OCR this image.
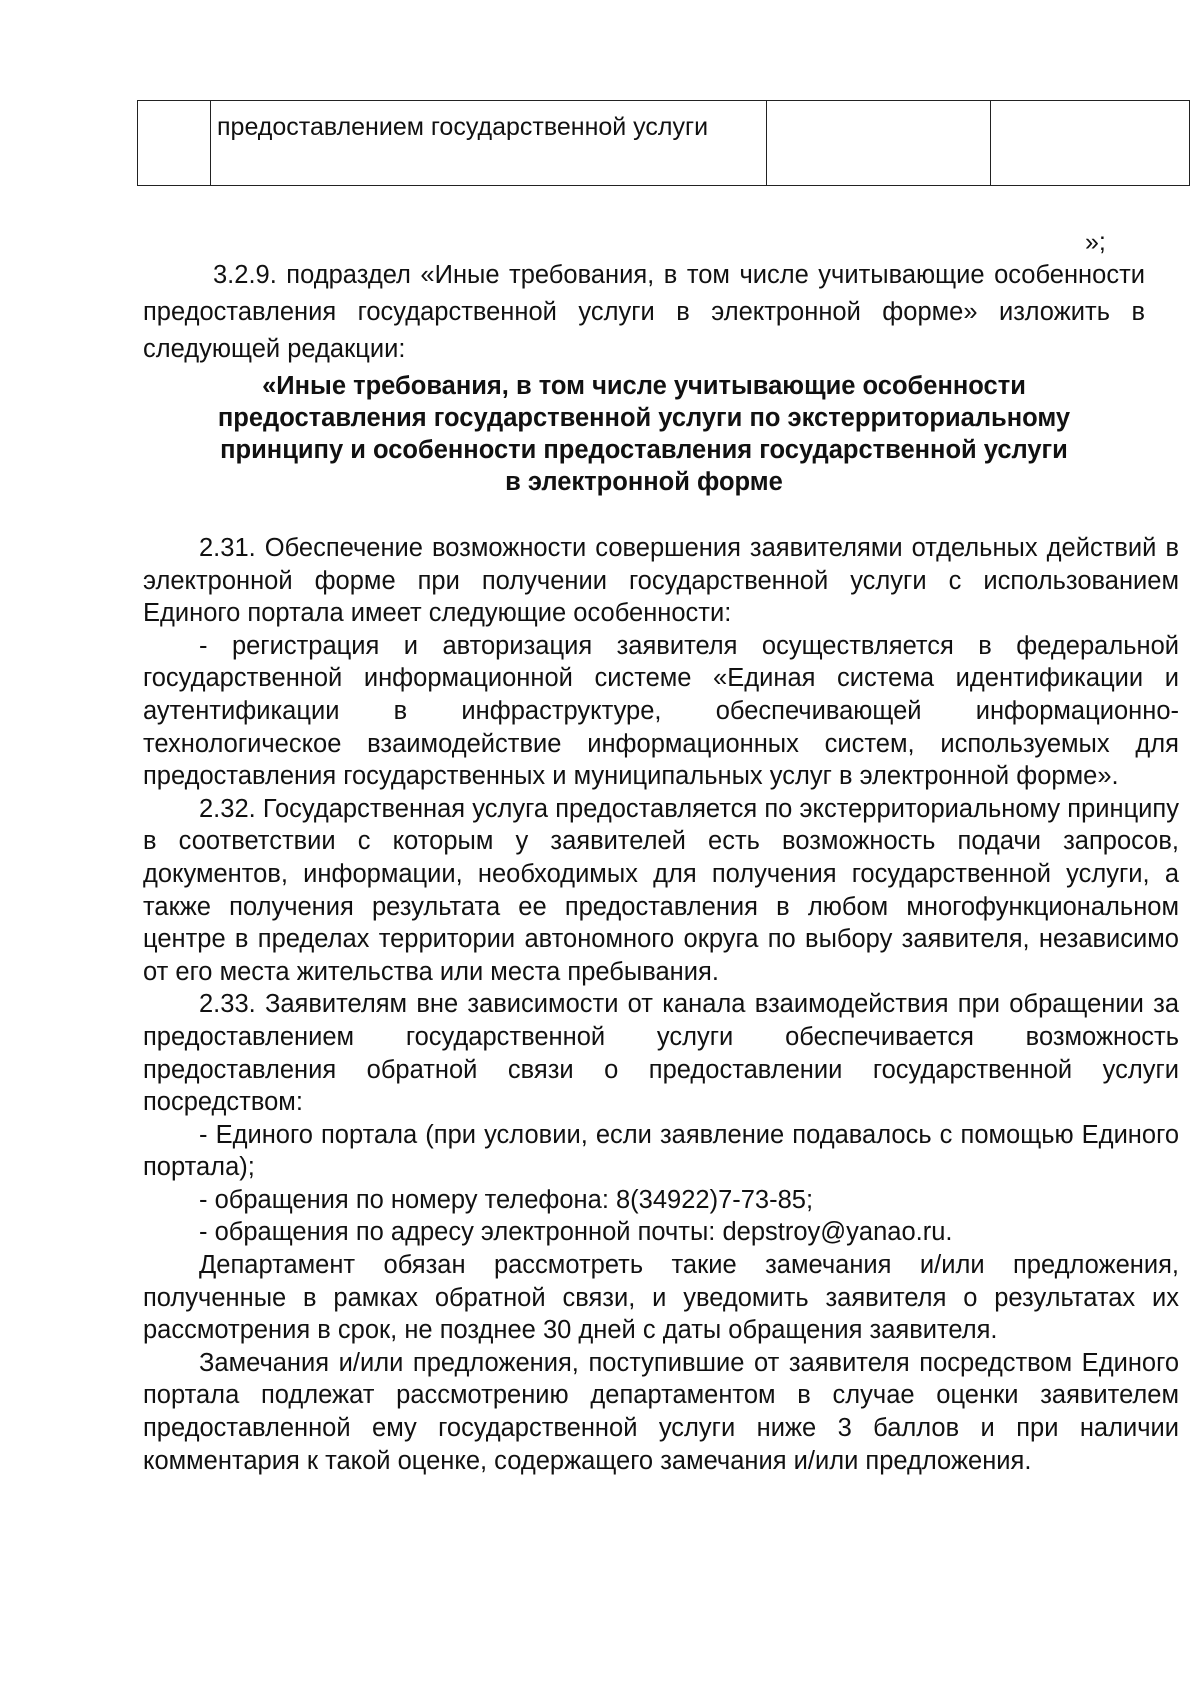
	предоставлением государственной услуги		
»;

3.2.9. подраздел «Иные требования, в том числе учитывающие особенности предоставления государственной услуги в электронной форме» изложить в следующей редакции:

«Иные требования, в том числе учитывающие особенности
предоставления государственной услуги по экстерриториальному
принципу и особенности предоставления государственной услуги
в электронной форме

2.31. Обеспечение возможности совершения заявителями отдельных действий в электронной форме при получении государственной услуги с использованием Единого портала имеет следующие особенности:

- регистрация и авторизация заявителя осуществляется в федеральной государственной информационной системе «Единая система идентификации и аутентификации в инфраструктуре, обеспечивающей информационно-технологическое взаимодействие информационных систем, используемых для предоставления государственных и муниципальных услуг в электронной форме».

2.32. Государственная услуга предоставляется по экстерриториальному принципу в соответствии с которым у заявителей есть возможность подачи запросов, документов, информации, необходимых для получения государственной услуги, а также получения результата ее предоставления в любом многофункциональном центре в пределах территории автономного округа по выбору заявителя, независимо от его места жительства или места пребывания.

2.33. Заявителям вне зависимости от канала взаимодействия при обращении за предоставлением государственной услуги обеспечивается возможность предоставления обратной связи о предоставлении государственной услуги посредством:

- Единого портала (при условии, если заявление подавалось с помощью Единого портала);

- обращения по номеру телефона: 8(34922)7-73-85;

- обращения по адресу электронной почты: depstroy@yanao.ru.

Департамент обязан рассмотреть такие замечания и/или предложения, полученные в рамках обратной связи, и уведомить заявителя о результатах их рассмотрения в срок, не позднее 30 дней с даты обращения заявителя.

Замечания и/или предложения, поступившие от заявителя посредством Единого портала подлежат рассмотрению департаментом в случае оценки заявителем предоставленной ему государственной услуги ниже 3 баллов и при наличии комментария к такой оценке, содержащего замечания и/или предложения.
